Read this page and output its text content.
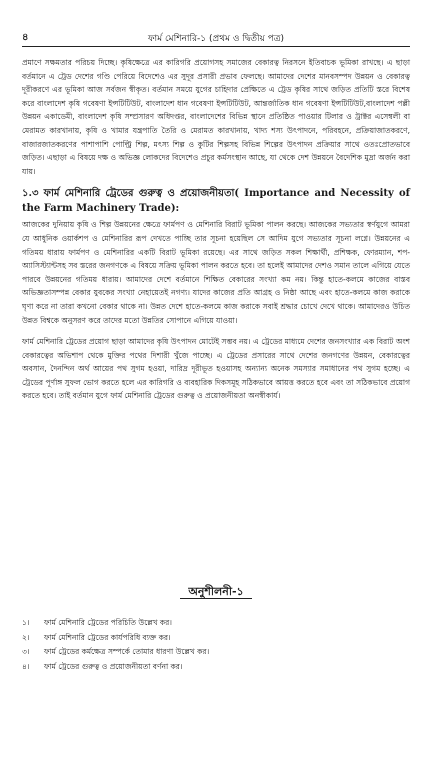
৪	ফার্ম মেশিনারি-১ (প্রথম ও দ্বিতীয় পত্র)

প্রমাণে সক্ষমতার পরিচয় দিচ্ছে। কৃষিক্ষেত্রে এর কারিগরি প্রয়োগসহ সমাজের বেকারত্ব নিরসনে ইতিবাচক ভূমিকা রাখছে। এ ছাড়া বর্তমানে এ ট্রেড দেশের গণ্ডি পেরিয়ে বিদেশেও এর সুদূর প্রসারী প্রভাব ফেলছে। আমাদের দেশের মানবসম্পদ উন্নয়ন ও বেকারত্ব দূরীকরণে এর ভূমিকা আজ সর্বজন স্বীকৃত। বর্তমান সময়ে যুগের চাহিদার প্রেক্ষিতে এ ট্রেড কৃষির সাথে জড়িত প্রতিটি স্তরে বিশেষ করে বাংলাদেশ কৃষি গবেষণা ইন্সটিটিউট, বাংলাদেশ ধান গবেষণা ইন্সটিটিউট, আন্তর্জাতিক ধান গবেষণা ইন্সটিটিউট,বাংলাদেশ পল্লী উন্নয়ন একাডেমী, বাংলাদেশ কৃষি সম্প্রসারণ অধিদপ্তর, বাংলাদেশের বিভিন্ন স্থানে প্রতিষ্ঠিত পাওয়ার টিলার ও ট্রাক্টর এসেম্বলী বা মেরামত কারখানায়, কৃষি ও খামার যন্ত্রপাতি তৈরি ও মেরামত কারখানায়, খাদ্য শস্য উৎপাদনে, পরিবহনে, প্রক্রিয়াজাতকরণে, বাজারজাতকরণের পাশাপাশি পোল্ট্রি শিল্প, মৎস্য শিল্প ও কুটির শিল্পসহ বিভিন্ন শিল্পের উৎপাদন প্রক্রিয়ার সাথে ওতঃপ্রোতভাবে জড়িত। এছাড়া এ বিষয়ে দক্ষ ও অভিজ্ঞ লোকদের বিদেশেও প্রচুর কর্মসংস্থান আছে, যা থেকে দেশ উন্নয়নে বৈদেশিক মুদ্রা অর্জন করা যায়।

১.৩ ফার্ম মেশিনারি ট্রেডের গুরুত্ব ও প্রয়োজনীয়তা( Importance and Necessity of the Farm Machinery Trade):

আজকের দুনিয়ায় কৃষি ও শিল্প উন্নয়নের ক্ষেত্রে ফার্মপণ ও মেশিনারি বিরাট ভূমিকা পালন করছে। আজকের সভ্যতার স্বর্ণযুগে আমরা যে আধুনিক ওয়ার্কশপ ও মেশিনারির রূপ দেখতে পাচ্ছি তার সূচনা হয়েছিল সে আদিম যুগে সভ্যতার সূচনা লগ্নে। উন্নয়নের এ গতিময় ধারায় ফার্মপণ ও মেশিনারির একটি বিরাট ভূমিকা রয়েছে। এর সাথে জড়িত সকল শিক্ষার্থী, প্রশিক্ষক, ফোরম্যান, শপ-অ্যাসিস্ট্যান্টসহ সব স্তরের জনগণকে এ বিষয়ে সক্রিয় ভূমিকা পালন করতে হবে। তা হলেই আমাদের দেশও সমান তালে এগিয়ে যেতে পারবে উন্নয়নের গতিময় ধারায়। আমাদের দেশে বর্তমানে শিক্ষিত বেকারের সংখ্যা কম নয়। কিন্তু হাতে-কলমে কাজের বাস্তব অভিজ্ঞতাসম্পন্ন বেকার যুবকের সংখ্যা নেহায়েতই নগণ্য। যাদের কাজের প্রতি আগ্রহ ও নিষ্ঠা আছে এবং হাতে-কলমে কাজ করাকে ঘৃণা করে না তারা কখনো বেকার থাকে না। উন্নত দেশে হাতে-কলমে কাজ করাকে সবাই শ্রদ্ধার চোখে দেখে থাকে। আমাদেরও উচিত উন্নত বিশ্বকে অনুসরণ করে তাদের মতো উন্নতির সোপানে এগিয়ে যাওয়া।

ফার্ম মেশিনারি ট্রেডের প্রয়োগ ছাড়া আমাদের কৃষি উৎপাদন মোটেই সম্ভব নয়। এ ট্রেডের মাধ্যমে দেশের জনসংখ্যার এক বিরাট অংশ বেকারত্বের অভিশাপ থেকে মুক্তির পথের দিশারী খুঁজে পাচ্ছে। এ ট্রেডের প্রসারের সাথে দেশের জনগণের উন্নয়ন, বেকারত্বের অবসান, দৈনন্দিন অর্থ আয়ের পথ সুগম হওয়া, দারিদ্র দূরীভূত হওয়াসহ অন্যান্য অনেক সমস্যার সমাধানের পথ সুগম হচ্ছে। এ ট্রেডের পূর্ণাঙ্গ সুফল ভোগ করতে হলে এর কারিগরি ও ব্যবহারিক দিকসমূহ সঠিকভাবে আয়ত্ত করতে হবে এবং তা সঠিকভাবে প্রয়োগ করতে হবে। তাই বর্তমান যুগে ফার্ম মেশিনারি ট্রেডের গুরুত্ব ও প্রয়োজনীয়তা অনস্বীকার্য।

অনুশীলনী-১
১।	ফার্ম মেশিনারি ট্রেডের পরিচিতি উল্লেখ কর।
২।	ফার্ম মেশিনারি ট্রেডের কার্যপরিধি ব্যক্ত কর।
৩।	ফার্ম ট্রেডের কর্মক্ষেত্র সম্পর্কে তোমার ধারণা উল্লেখ কর।
৪।	ফার্ম ট্রেডের গুরুত্ব ও প্রয়োজনীয়তা বর্ণনা কর।
